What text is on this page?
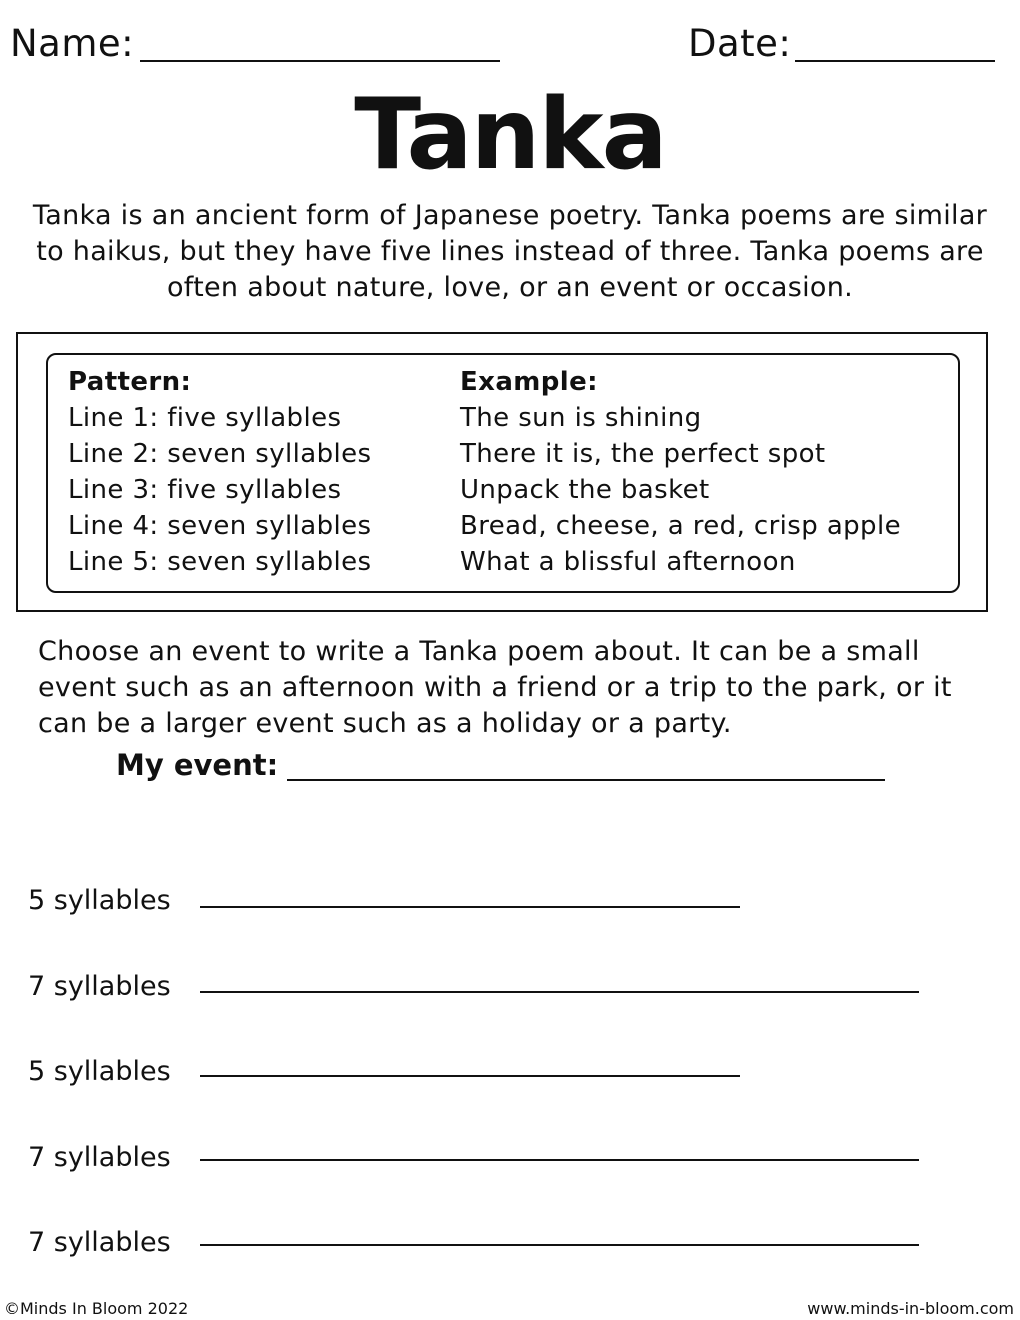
Name:	Date:
Tanka
Tanka is an ancient form of Japanese poetry. Tanka poems are similar to haikus, but they have five lines instead of three. Tanka poems are often about nature, love, or an event or occasion.
Pattern:
Line 1: five syllables
Line 2: seven syllables
Line 3: five syllables
Line 4: seven syllables
Line 5: seven syllables
Example:
The sun is shining
There it is, the perfect spot
Unpack the basket
Bread, cheese, a red, crisp apple
What a blissful afternoon
Choose an event to write a Tanka poem about. It can be a small event such as an afternoon with a friend or a trip to the park, or it can be a larger event such as a holiday or a party.
My event:
5 syllables
7 syllables
5 syllables
7 syllables
7 syllables
©Minds In Bloom 2022	www.minds-in-bloom.com
